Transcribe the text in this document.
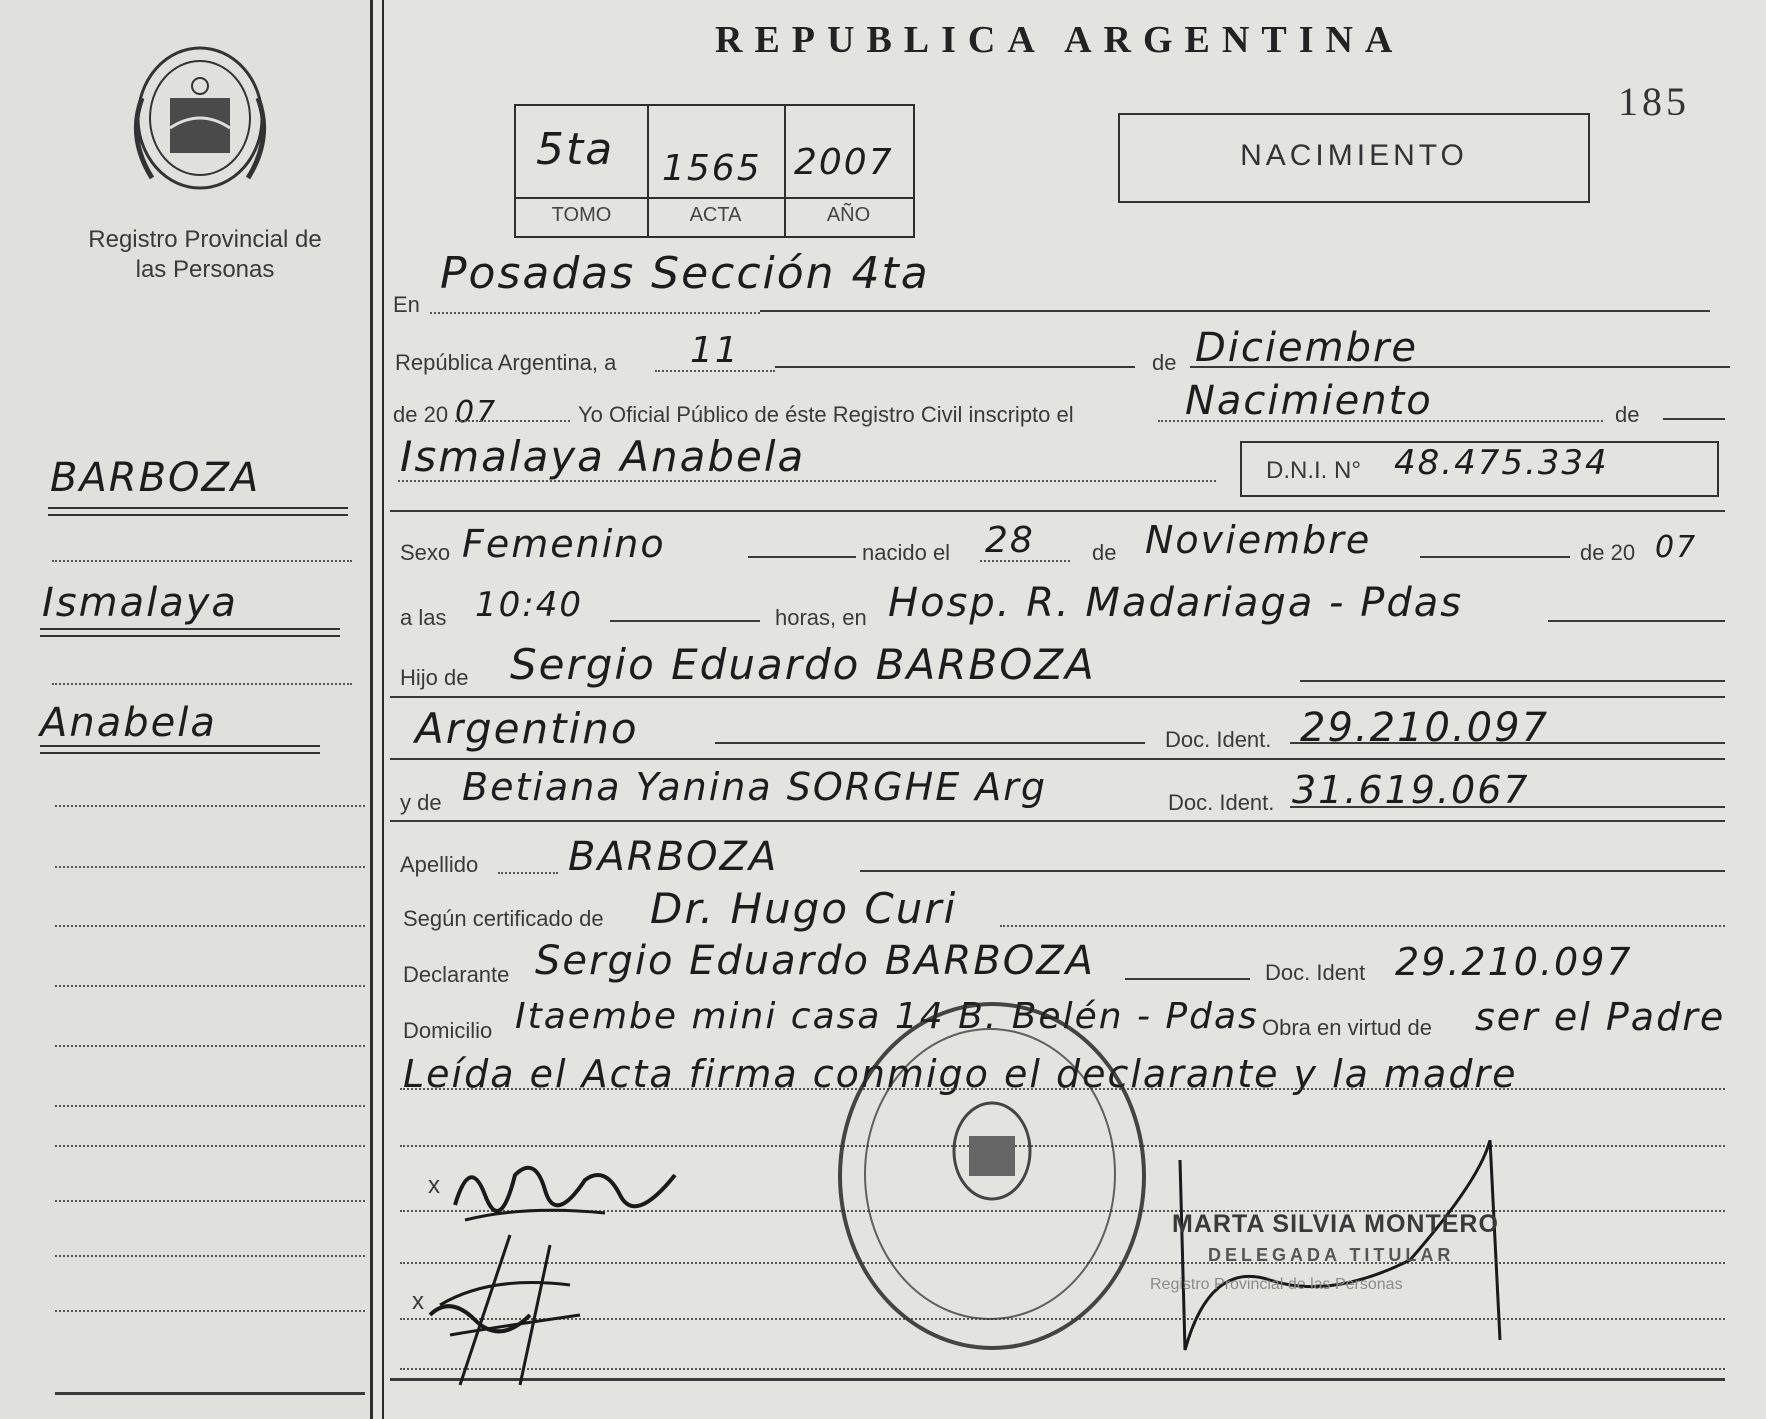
Registro Provincial de las Personas
BARBOZA
Ismalaya
Anabela
REPUBLICA ARGENTINA
185
5ta 1565 2007
TOMO	ACTA	AÑO
NACIMIENTO
En
Posadas Sección 4ta
República Argentina, a 11	de Diciembre
de 20 07	Yo Oficial Público de éste Registro Civil inscripto el	Nacimiento	de
Ismalaya Anabela	D.N.I. N° 48.475.334
Sexo Femenino	nacido el 28	de Noviembre	de 20 07
a las 10:40	horas, en Hosp. R. Madariaga - Pdas
Hijo de Sergio Eduardo BARBOZA
Argentino	Doc. Ident. 29.210.097
y de Betiana Yanina SORGHE Arg	Doc. Ident. 31.619.067
Apellido BARBOZA
Según certificado de Dr. Hugo Curi
Declarante Sergio Eduardo BARBOZA	Doc. Ident 29.210.097
Domicilio Itaembe mini casa 14 B. Belén - Pdas Obra en virtud de ser el Padre
Leída el Acta firma conmigo el declarante y la madre
x
x
MARTA SILVIA MONTERO
DELEGADA TITULAR
Registro Provincial de las Personas
